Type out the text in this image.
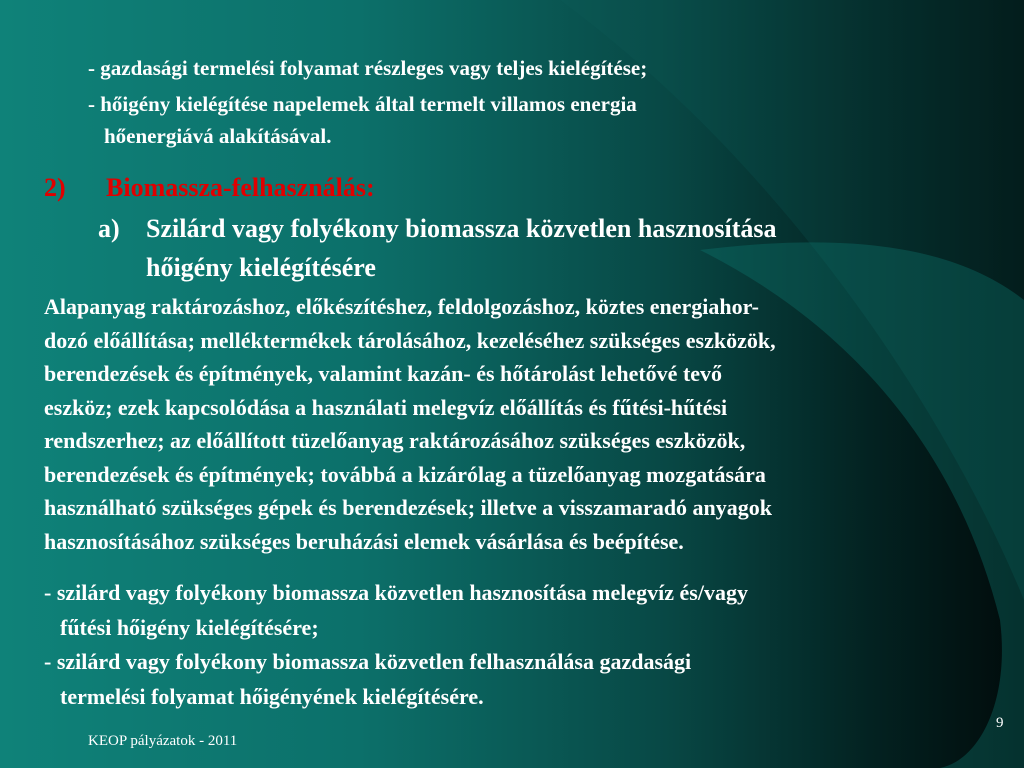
- gazdasági termelési folyamat részleges vagy teljes kielégítése;

- hőigény kielégítése napelemek által termelt villamos energia

hőenergiává alakításával.

2) Biomassza-felhasználás:

a) Szilárd vagy folyékony biomassza közvetlen hasznosítása

hőigény kielégítésére

Alapanyag raktározáshoz, előkészítéshez, feldolgozáshoz, köztes energiahor-

dozó előállítása; melléktermékek tárolásához, kezeléséhez szükséges eszközök,

berendezések és építmények, valamint kazán- és hőtárolást lehetővé tevő

eszköz; ezek kapcsolódása a használati melegvíz előállítás és fűtési-hűtési

rendszerhez; az előállított tüzelőanyag raktározásához szükséges eszközök,

berendezések és építmények; továbbá a kizárólag a tüzelőanyag mozgatására

használható szükséges gépek és berendezések; illetve a visszamaradó anyagok

hasznosításához szükséges beruházási elemek vásárlása és beépítése.

- szilárd vagy folyékony biomassza közvetlen hasznosítása melegvíz és/vagy

fűtési hőigény kielégítésére;

- szilárd vagy folyékony biomassza közvetlen felhasználása gazdasági

termelési folyamat hőigényének kielégítésére.

KEOP pályázatok - 2011

9
